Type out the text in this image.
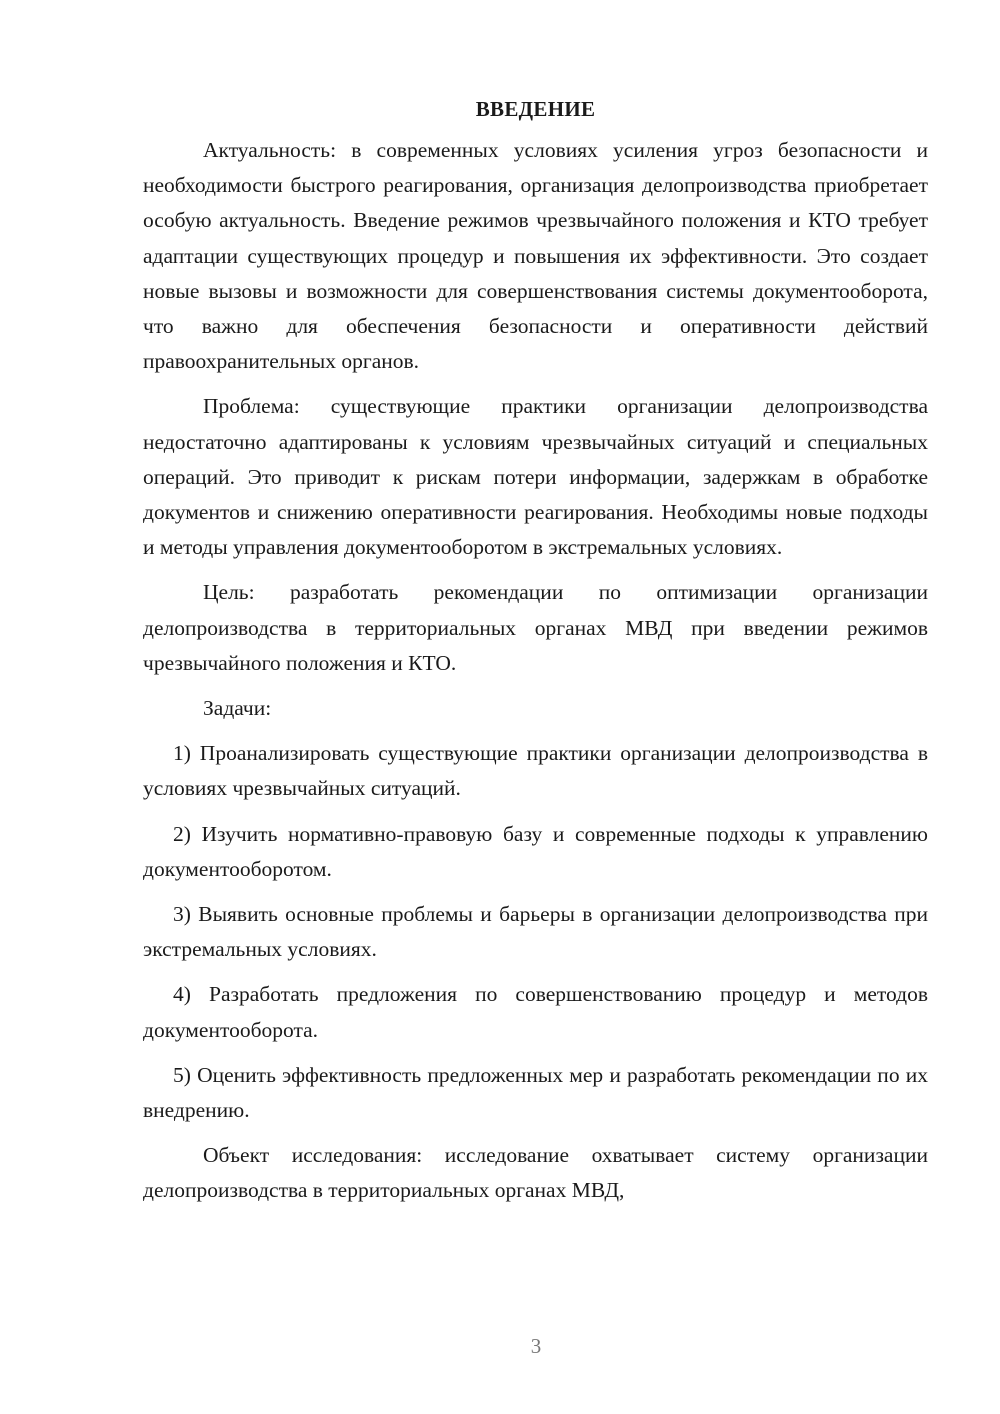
ВВЕДЕНИЕ

Актуальность: в современных условиях усиления угроз безопасности и необходимости быстрого реагирования, организация делопроизводства приобретает особую актуальность. Введение режимов чрезвычайного положения и КТО требует адаптации существующих процедур и повышения их эффективности. Это создает новые вызовы и возможности для совершенствования системы документооборота, что важно для обеспечения безопасности и оперативности действий правоохранительных органов.

Проблема: существующие практики организации делопроизводства недостаточно адаптированы к условиям чрезвычайных ситуаций и специальных операций. Это приводит к рискам потери информации, задержкам в обработке документов и снижению оперативности реагирования. Необходимы новые подходы и методы управления документооборотом в экстремальных условиях.

Цель: разработать рекомендации по оптимизации организации делопроизводства в территориальных органах МВД при введении режимов чрезвычайного положения и КТО.

Задачи:

1) Проанализировать существующие практики организации делопроизводства в условиях чрезвычайных ситуаций.

2) Изучить нормативно-правовую базу и современные подходы к управлению документооборотом.

3) Выявить основные проблемы и барьеры в организации делопроизводства при экстремальных условиях.

4) Разработать предложения по совершенствованию процедур и методов документооборота.

5) Оценить эффективность предложенных мер и разработать рекомендации по их внедрению.

Объект исследования: исследование охватывает систему организации делопроизводства в территориальных органах МВД,

3
